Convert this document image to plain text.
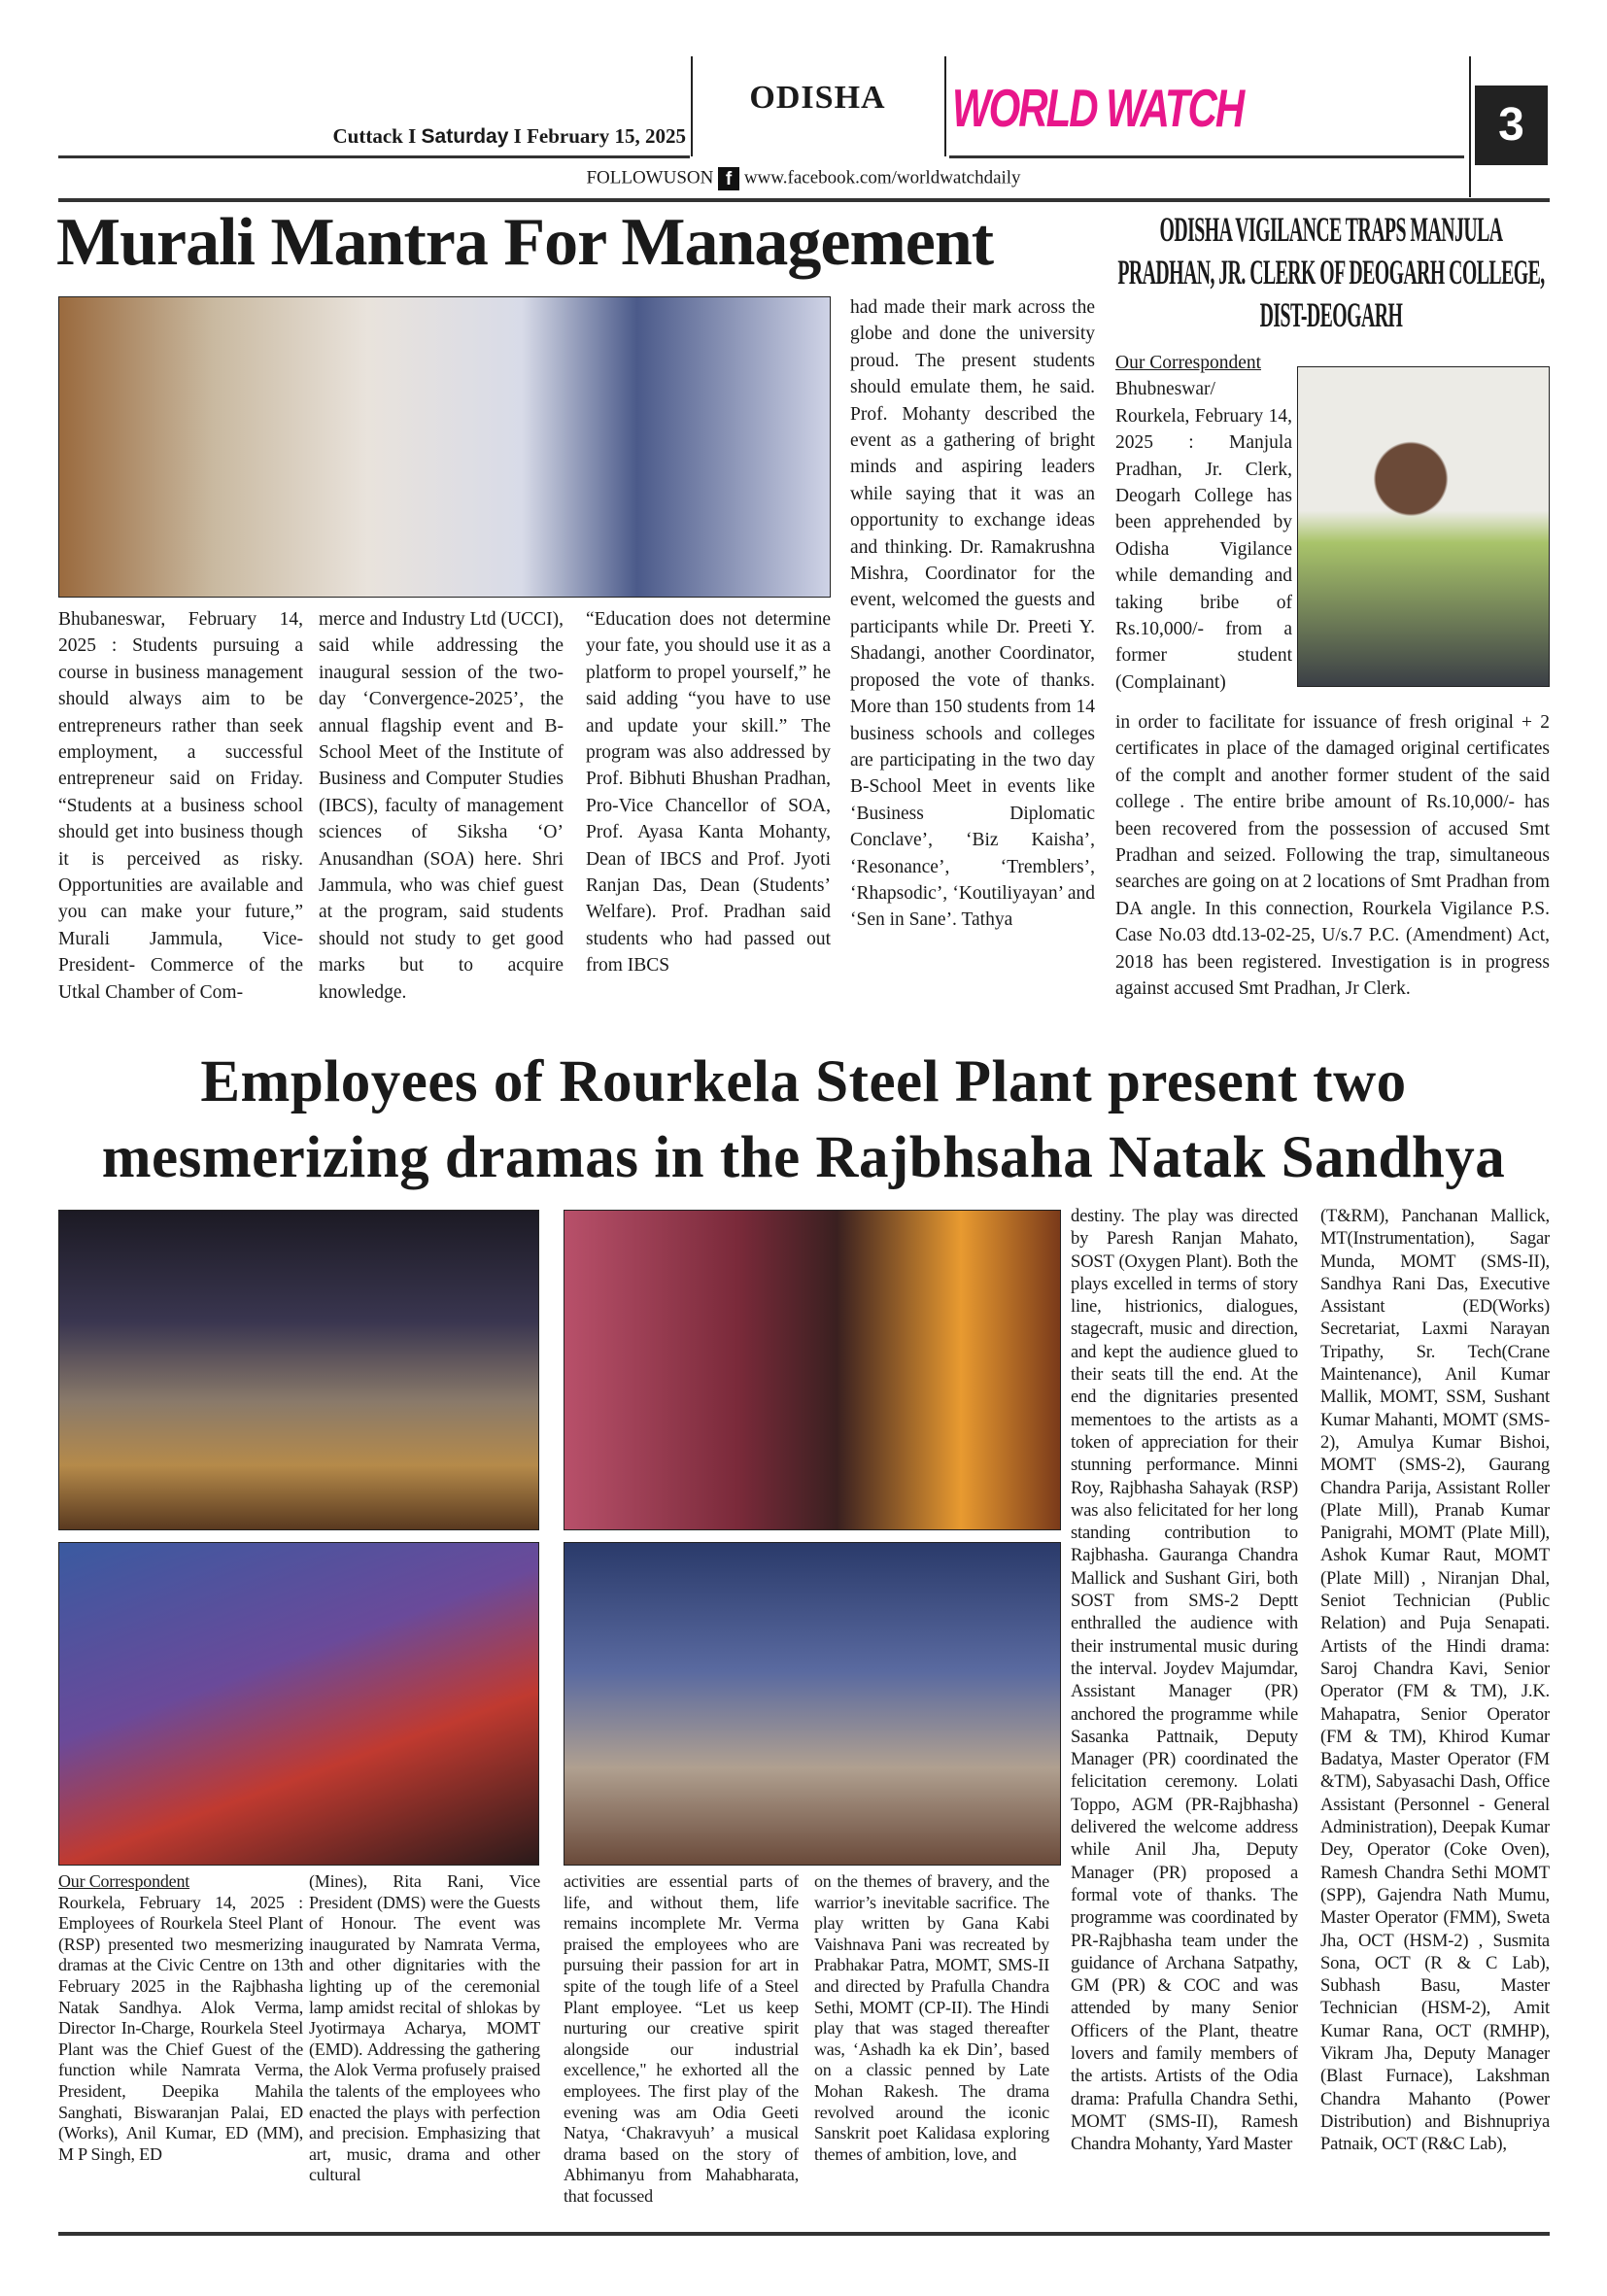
ODISHA
Cuttack I Saturday I February 15, 2025	WORLD WATCH	3
FOLLOWUSON f www.facebook.com/worldwatchdaily
Murali Mantra For Management
Bhubaneswar, February 14, 2025 : Students pursuing a course in business management should always aim to be entrepreneurs rather than seek employment, a successful entrepreneur said on Friday. “Students at a business school should get into business though it is perceived as risky. Opportunities are available and you can make your future,” Murali Jammula, Vice-President- Commerce of the Utkal Chamber of Com-
merce and Industry Ltd (UCCI), said while addressing the inaugural session of the two-day ‘Convergence-2025’, the annual flagship event and B-School Meet of the Institute of Business and Computer Studies (IBCS), faculty of management sciences of Siksha ‘O’ Anusandhan (SOA) here. Shri Jammula, who was chief guest at the program, said students should not study to get good marks but to acquire knowledge.
“Education does not determine your fate, you should use it as a platform to propel yourself,” he said adding “you have to use and update your skill.” The program was also addressed by Prof. Bibhuti Bhushan Pradhan, Pro-Vice Chancellor of SOA, Prof. Ayasa Kanta Mohanty, Dean of IBCS and Prof. Jyoti Ranjan Das, Dean (Students’ Welfare). Prof. Pradhan said students who had passed out from IBCS
had made their mark across the globe and done the university proud. The present students should emulate them, he said. Prof. Mohanty described the event as a gathering of bright minds and aspiring leaders while saying that it was an opportunity to exchange ideas and thinking. Dr. Ramakrushna Mishra, Coordinator for the event, welcomed the guests and participants while Dr. Preeti Y. Shadangi, another Coordinator, proposed the vote of thanks. More than 150 students from 14 business schools and colleges are participating in the two day B-School Meet in events like ‘Business Diplomatic Conclave’, ‘Biz Kaisha’, ‘Resonance’, ‘Tremblers’, ‘Rhapsodic’, ‘Koutiliyayan’ and ‘Sen in Sane’. Tathya
ODISHA VIGILANCE TRAPS MANJULA PRADHAN, JR. CLERK OF DEOGARH COLLEGE, DIST-DEOGARH
Our Correspondent
Bhubneswar/ Rourkela, February 14, 2025 : Manjula Pradhan, Jr. Clerk, Deogarh College has been apprehended by Odisha Vigilance while demanding and taking bribe of Rs.10,000/- from a former student (Complainant)
in order to facilitate for issuance of fresh original + 2 certificates in place of the damaged original certificates of the complt and another former student of the said college . The entire bribe amount of Rs.10,000/- has been recovered from the possession of accused Smt Pradhan and seized. Following the trap, simultaneous searches are going on at 2 locations of Smt Pradhan from DA angle. In this connection, Rourkela Vigilance P.S. Case No.03 dtd.13-02-25, U/s.7 P.C. (Amendment) Act, 2018 has been registered. Investigation is in progress against accused Smt Pradhan, Jr Clerk.
Employees of Rourkela Steel Plant present two
mesmerizing dramas in the Rajbhsaha Natak Sandhya
Our Correspondent
Rourkela, February 14, 2025 : Employees of Rourkela Steel Plant (RSP) presented two mesmerizing dramas at the Civic Centre on 13th February 2025 in the Rajbhasha Natak Sandhya. Alok Verma, Director In-Charge, Rourkela Steel Plant was the Chief Guest of the function while Namrata Verma, President, Deepika Mahila Sanghati, Biswaranjan Palai, ED (Works), Anil Kumar, ED (MM), M P Singh, ED
(Mines), Rita Rani, Vice President (DMS) were the Guests of Honour. The event was inaugurated by Namrata Verma, and other dignitaries with the lighting up of the ceremonial lamp amidst recital of shlokas by Jyotirmaya Acharya, MOMT (EMD). Addressing the gathering the Alok Verma profusely praised the talents of the employees who enacted the plays with perfection and precision. Emphasizing that art, music, drama and other cultural
activities are essential parts of life, and without them, life remains incomplete Mr. Verma praised the employees who are pursuing their passion for art in spite of the tough life of a Steel Plant employee. “Let us keep nurturing our creative spirit alongside our industrial excellence," he exhorted all the employees. The first play of the evening was am Odia Geeti Natya, ‘Chakravyuh’ a musical drama based on the story of Abhimanyu from Mahabharata, that focussed
on the themes of bravery, and the warrior’s inevitable sacrifice. The play written by Gana Kabi Vaishnava Pani was recreated by Prabhakar Patra, MOMT, SMS-II and directed by Prafulla Chandra Sethi, MOMT (CP-II). The Hindi play that was staged thereafter was, ‘Ashadh ka ek Din’, based on a classic penned by Late Mohan Rakesh. The drama revolved around the iconic Sanskrit poet Kalidasa exploring themes of ambition, love, and
destiny. The play was directed by Paresh Ranjan Mahato, SOST (Oxygen Plant). Both the plays excelled in terms of story line, histrionics, dialogues, stagecraft, music and direction, and kept the audience glued to their seats till the end. At the end the dignitaries presented mementoes to the artists as a token of appreciation for their stunning performance. Minni Roy, Rajbhasha Sahayak (RSP) was also felicitated for her long standing contribution to Rajbhasha. Gauranga Chandra Mallick and Sushant Giri, both SOST from SMS-2 Deptt enthralled the audience with their instrumental music during the interval. Joydev Majumdar, Assistant Manager (PR) anchored the programme while Sasanka Pattnaik, Deputy Manager (PR) coordinated the felicitation ceremony. Lolati Toppo, AGM (PR-Rajbhasha) delivered the welcome address while Anil Jha, Deputy Manager (PR) proposed a formal vote of thanks. The programme was coordinated by PR-Rajbhasha team under the guidance of Archana Satpathy, GM (PR) & COC and was attended by many Senior Officers of the Plant, theatre lovers and family members of the artists. Artists of the Odia drama: Prafulla Chandra Sethi, MOMT (SMS-II), Ramesh Chandra Mohanty, Yard Master
(T&RM), Panchanan Mallick, MT(Instrumentation), Sagar Munda, MOMT (SMS-II), Sandhya Rani Das, Executive Assistant (ED(Works) Secretariat, Laxmi Narayan Tripathy, Sr. Tech(Crane Maintenance), Anil Kumar Mallik, MOMT, SSM, Sushant Kumar Mahanti, MOMT (SMS-2), Amulya Kumar Bishoi, MOMT (SMS-2), Gaurang Chandra Parija, Assistant Roller (Plate Mill), Pranab Kumar Panigrahi, MOMT (Plate Mill), Ashok Kumar Raut, MOMT (Plate Mill) , Niranjan Dhal, Seniot Technician (Public Relation) and Puja Senapati. Artists of the Hindi drama: Saroj Chandra Kavi, Senior Operator (FM & TM), J.K. Mahapatra, Senior Operator (FM & TM), Khirod Kumar Badatya, Master Operator (FM &TM), Sabyasachi Dash, Office Assistant (Personnel - General Administration), Deepak Kumar Dey, Operator (Coke Oven), Ramesh Chandra Sethi MOMT (SPP), Gajendra Nath Mumu, Master Operator (FMM), Sweta Jha, OCT (HSM-2) , Susmita Sona, OCT (R & C Lab), Subhash Basu, Master Technician (HSM-2), Amit Kumar Rana, OCT (RMHP), Vikram Jha, Deputy Manager (Blast Furnace), Lakshman Chandra Mahanto (Power Distribution) and Bishnupriya Patnaik, OCT (R&C Lab),
